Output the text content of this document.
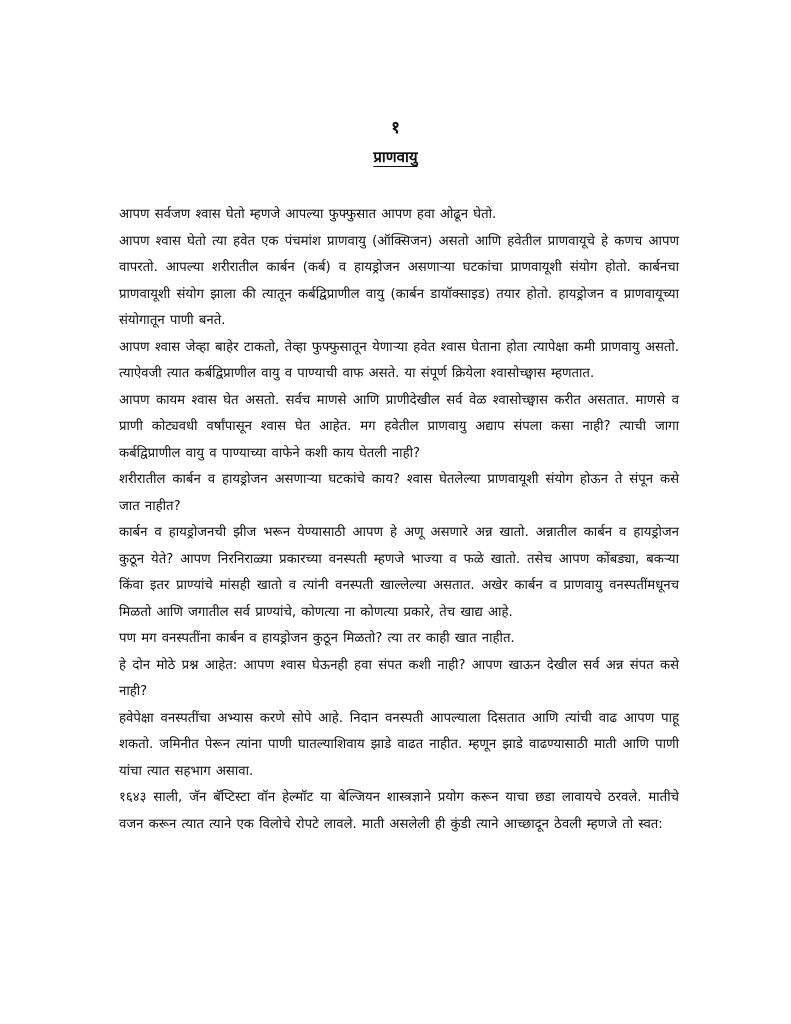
१
प्राणवायु

आपण सर्वजण श्वास घेतो म्हणजे आपल्या फुफ्फुसात आपण हवा ओढून घेतो.

आपण श्वास घेतो त्या हवेत एक पंचमांश प्राणवायु (ऑक्सिजन) असतो आणि हवेतील प्राणवायूचे हे कणच आपण वापरतो. आपल्या शरीरातील कार्बन (कर्ब) व हायड्रोजन असणाऱ्या घटकांचा प्राणवायूशी संयोग होतो. कार्बनचा प्राणवायूशी संयोग झाला की त्यातून कर्बद्विप्राणील वायु (कार्बन डायॉक्साइड) तयार होतो. हायड्रोजन व प्राणवायूच्या संयोगातून पाणी बनते.

आपण श्वास जेव्हा बाहेर टाकतो, तेव्हा फुफ्फुसातून येणाऱ्या हवेत श्वास घेताना होता त्यापेक्षा कमी प्राणवायु असतो. त्याऐवजी त्यात कर्बद्विप्राणील वायु व पाण्याची वाफ असते. या संपूर्ण क्रियेला श्वासोच्छ्वास म्हणतात.

आपण कायम श्वास घेत असतो. सर्वच माणसे आणि प्राणीदेखील सर्व वेळ श्वासोच्छ्वास करीत असतात. माणसे व प्राणी कोट्यवधी वर्षांपासून श्वास घेत आहेत. मग हवेतील प्राणवायु अद्याप संपला कसा नाही? त्याची जागा कर्बद्विप्राणील वायु व पाण्याच्या वाफेने कशी काय घेतली नाही?

शरीरातील कार्बन व हायड्रोजन असणाऱ्या घटकांचे काय? श्वास घेतलेल्या प्राणवायूशी संयोग होऊन ते संपून कसे जात नाहीत?

कार्बन व हायड्रोजनची झीज भरून येण्यासाठी आपण हे अणू असणारे अन्न खातो. अन्नातील कार्बन व हायड्रोजन कुठून येते? आपण निरनिराळ्या प्रकारच्या वनस्पती म्हणजे भाज्या व फळे खातो. तसेच आपण कोंबड्या, बकऱ्या किंवा इतर प्राण्यांचे मांसही खातो व त्यांनी वनस्पती खाल्लेल्या असतात. अखेर कार्बन व प्राणवायु वनस्पतींमधूनच मिळतो आणि जगातील सर्व प्राण्यांचे, कोणत्या ना कोणत्या प्रकारे, तेच खाद्य आहे.

पण मग वनस्पतींना कार्बन व हायड्रोजन कुठून मिळतो? त्या तर काही खात नाहीत.

हे दोन मोठे प्रश्न आहेत: आपण श्वास घेऊनही हवा संपत कशी नाही? आपण खाऊन देखील सर्व अन्न संपत कसे नाही?

हवेपेक्षा वनस्पतींचा अभ्यास करणे सोपे आहे. निदान वनस्पती आपल्याला दिसतात आणि त्यांची वाढ आपण पाहू शकतो. जमिनीत पेरून त्यांना पाणी घातल्याशिवाय झाडे वाढत नाहीत. म्हणून झाडे वाढण्यासाठी माती आणि पाणी यांचा त्यात सहभाग असावा.

१६४३ साली, जॅन बॅप्टिस्टा वॉन हेल्मॉट या बेल्जियन शास्त्रज्ञाने प्रयोग करून याचा छडा लावायचे ठरवले. मातीचे वजन करून त्यात त्याने एक विलोचे रोपटे लावले. माती असलेली ही कुंडी त्याने आच्छादून ठेवली म्हणजे तो स्वत:
